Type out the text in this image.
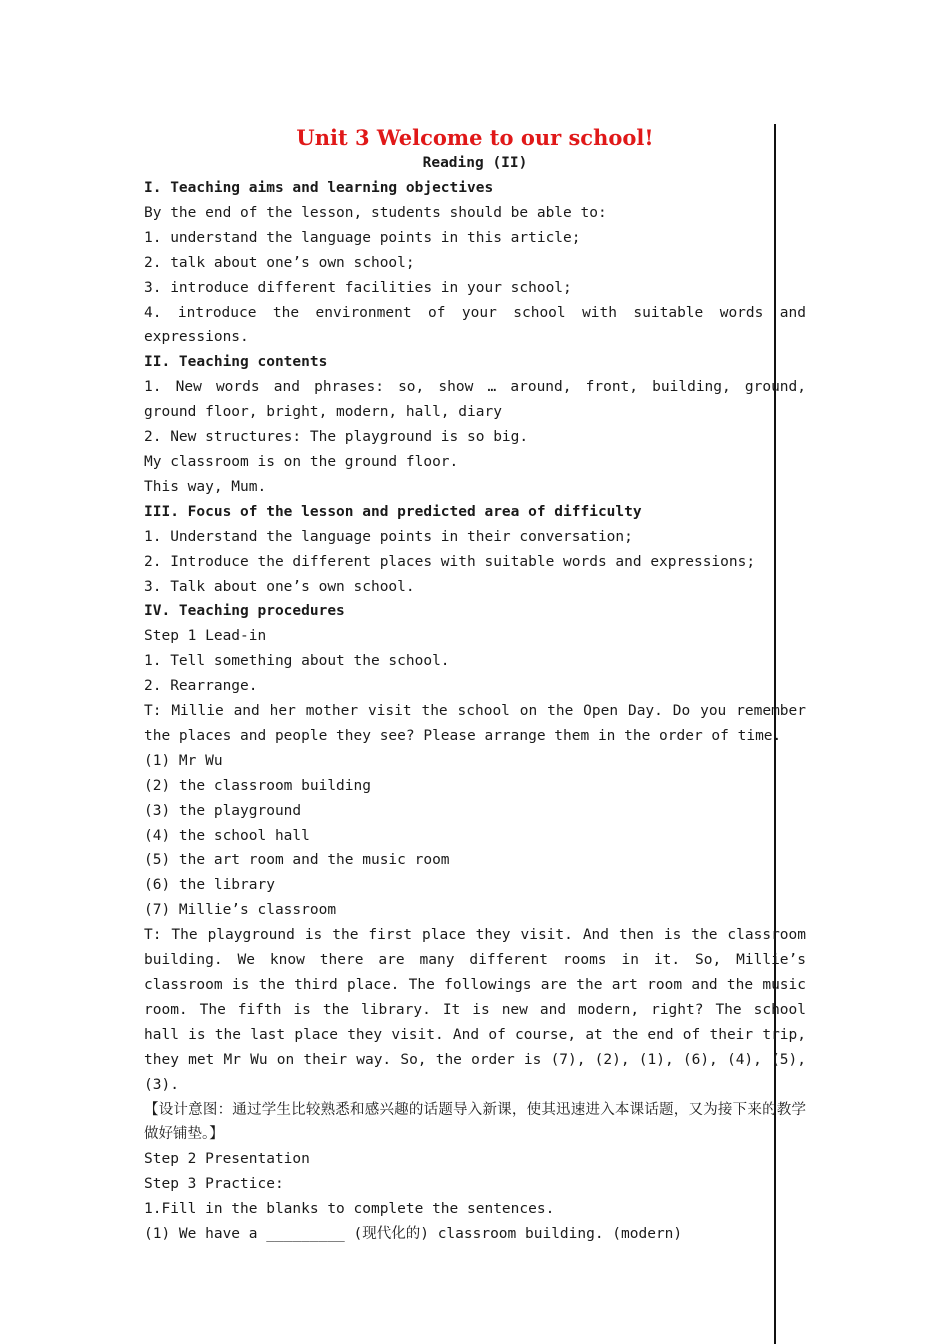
Unit 3 Welcome to our school!

Reading (II)

I. Teaching aims and learning objectives

By the end of the lesson, students should be able to:

1. understand the language points in this article;

2. talk about one’s own school;

3. introduce different facilities in your school;

4. introduce the environment of your school with suitable words and expressions.

II. Teaching contents

1. New words and phrases: so, show … around, front, building, ground, ground floor, bright, modern, hall, diary

2. New structures: The playground is so big.

My classroom is on the ground floor.

This way, Mum.

III. Focus of the lesson and predicted area of difficulty

1. Understand the language points in their conversation;

2. Introduce the different places with suitable words and expressions;

3. Talk about one’s own school.

IV. Teaching procedures

Step 1 Lead-in

1. Tell something about the school.

2. Rearrange.

T: Millie and her mother visit the school on the Open Day. Do you remember the places and people they see? Please arrange them in the order of time.

(1) Mr Wu

(2) the classroom building

(3) the playground

(4) the school hall

(5) the art room and the music room

(6) the library

(7) Millie’s classroom

T: The playground is the first place they visit. And then is the classroom building. We know there are many different rooms in it. So, Millie’s classroom is the third place. The followings are the art room and the music room. The fifth is the library. It is new and modern, right? The school hall is the last place they visit. And of course, at the end of their trip, they met Mr Wu on their way. So, the order is (7), (2), (1), (6), (4), (5), (3).

【设计意图：通过学生比较熟悉和感兴趣的话题导入新课，使其迅速进入本课话题，又为接下来的教学做好铺垫。】

Step 2 Presentation

Step 3 Practice:

1.Fill in the blanks to complete the sentences.

(1) We have a _________ (现代化的) classroom building. (modern)
